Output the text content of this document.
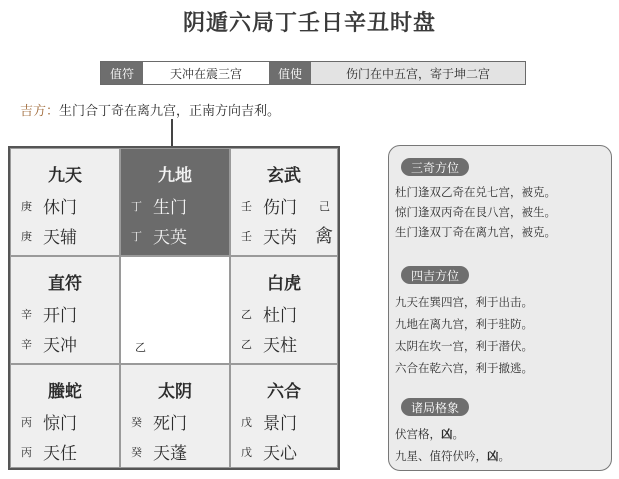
阴遁六局丁壬日辛丑时盘
值符	天冲在震三宫	值使	伤门在中五宫，寄于坤二宫
吉方：生门合丁奇在离九宫，正南方向吉利。
九天
庚 休门
庚 天辅
九地
丁 生门
丁 天英
玄武
壬 伤门
壬 天芮
己
禽
直符
辛 开门
辛 天冲	乙
白虎
乙 杜门
乙 天柱
螣蛇
丙 惊门
丙 天任
太阴
癸 死门
癸 天蓬
六合
戊 景门
戊 天心
三奇方位
杜门逢双乙奇在兑七宫，被克。
惊门逢双丙奇在艮八宫，被生。
生门逢双丁奇在离九宫，被克。
四吉方位
九天在巽四宫，利于出击。
九地在离九宫，利于驻防。
太阴在坎一宫，利于潜伏。
六合在乾六宫，利于撤逃。
诸局格象
伏宫格，凶。
九星、值符伏吟，凶。
